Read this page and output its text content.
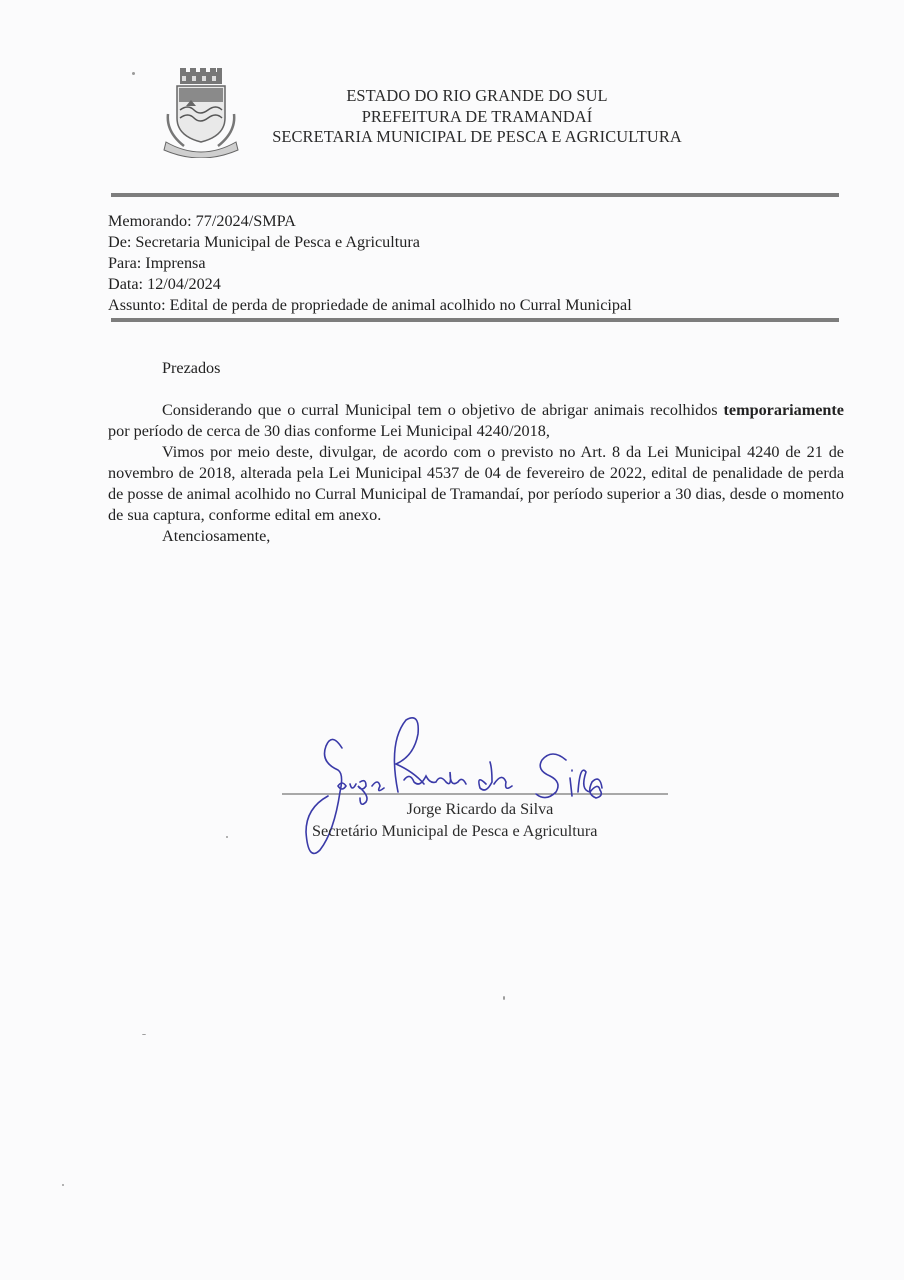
ESTADO DO RIO GRANDE DO SUL
PREFEITURA DE TRAMANDAÍ
SECRETARIA MUNICIPAL DE PESCA E AGRICULTURA
Memorando: 77/2024/SMPA
De: Secretaria Municipal de Pesca e Agricultura
Para: Imprensa
Data: 12/04/2024
Assunto: Edital de perda de propriedade de animal acolhido no Curral Municipal

Prezados

Considerando que o curral Municipal tem o objetivo de abrigar animais recolhidos temporariamente por período de cerca de 30 dias conforme Lei Municipal 4240/2018,

Vimos por meio deste, divulgar, de acordo com o previsto no Art. 8 da Lei Municipal 4240 de 21 de novembro de 2018, alterada pela Lei Municipal 4537 de 04 de fevereiro de 2022, edital de penalidade de perda de posse de animal acolhido no Curral Municipal de Tramandaí, por período superior a 30 dias, desde o momento de sua captura, conforme edital em anexo.

Atenciosamente,

Jorge Ricardo da Silva
Secretário Municipal de Pesca e Agricultura
